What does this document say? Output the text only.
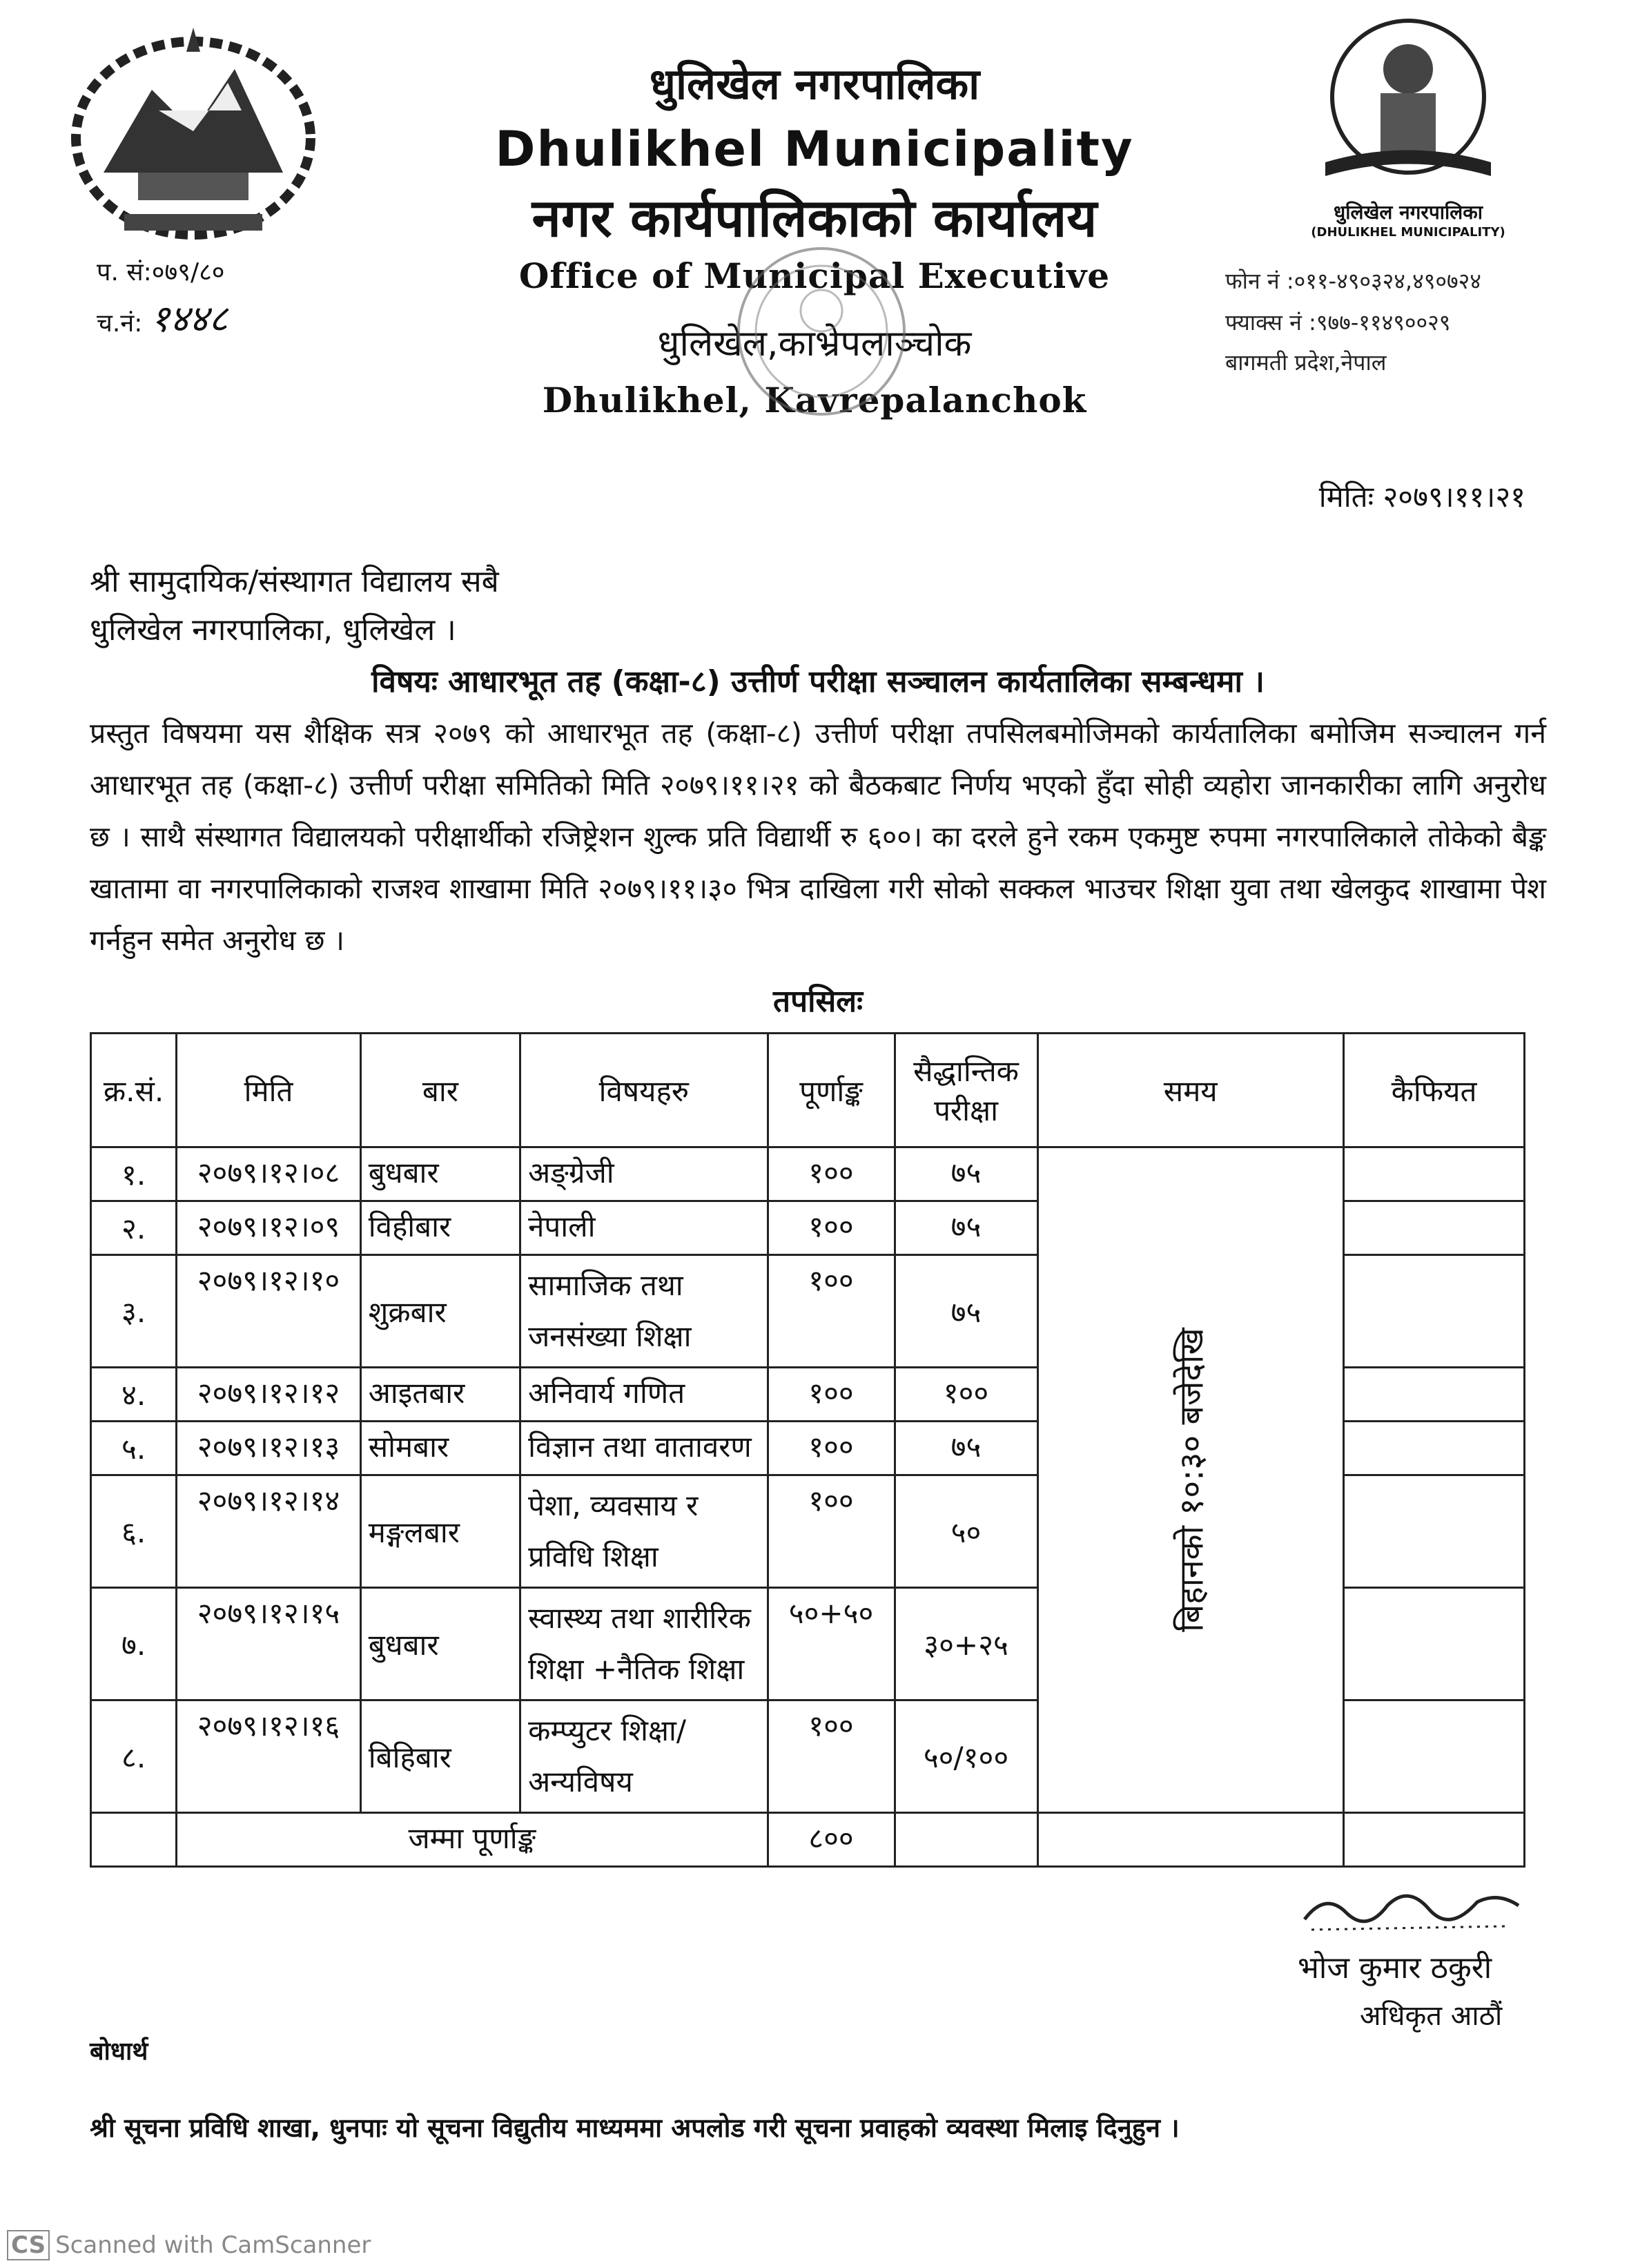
धुलिखेल नगरपालिका
(DHULIKHEL MUNICIPALITY)
धुलिखेल नगरपालिका
Dhulikhel Municipality
नगर कार्यपालिकाको कार्यालय
Office of Municipal Executive
धुलिखेल,काभ्रेपलाञ्चोक
Dhulikhel, Kavrepalanchok
प. सं:०७९/८०
च.नं: १४४८
फोन नं :०११-४९०३२४,४९०७२४
फ्याक्स नं :९७७-११४९००२९
बागमती प्रदेश,नेपाल
मितिः २०७९।११।२१
श्री सामुदायिक/संस्थागत विद्यालय सबै
धुलिखेल नगरपालिका, धुलिखेल ।
विषयः आधारभूत तह (कक्षा-८) उत्तीर्ण परीक्षा सञ्चालन कार्यतालिका सम्बन्धमा ।
प्रस्तुत विषयमा यस शैक्षिक सत्र २०७९ को आधारभूत तह (कक्षा-८) उत्तीर्ण परीक्षा तपसिलबमोजिमको कार्यतालिका बमोजिम सञ्चालन गर्न आधारभूत तह (कक्षा-८) उत्तीर्ण परीक्षा समितिको मिति २०७९।११।२१ को बैठकबाट निर्णय भएको हुँदा सोही व्यहोरा जानकारीका लागि अनुरोध छ । साथै संस्थागत विद्यालयको परीक्षार्थीको रजिष्ट्रेशन शुल्क प्रति विद्यार्थी रु ६००। का दरले हुने रकम एकमुष्ट रुपमा नगरपालिकाले तोकेको बैङ्क खातामा वा नगरपालिकाको राजश्व शाखामा मिति २०७९।११।३० भित्र दाखिला गरी सोको सक्कल भाउचर शिक्षा युवा तथा खेलकुद शाखामा पेश गर्नहुन समेत अनुरोध छ ।
तपसिलः
क्र.सं.	मिति	बार	विषयहरु	पूर्णाङ्क	सैद्धान्तिक परीक्षा	समय	कैफियत
१.	२०७९।१२।०८	बुधबार	अङ्ग्रेजी	१००	७५	बिहानको १०:३० बजेदेखि	
२.	२०७९।१२।०९	विहीबार	नेपाली	१००	७५		
३.	२०७९।१२।१०	शुक्रबार	सामाजिक तथा जनसंख्या शिक्षा	१००	७५		
४.	२०७९।१२।१२	आइतबार	अनिवार्य गणित	१००	१००		
५.	२०७९।१२।१३	सोमबार	विज्ञान तथा वातावरण	१००	७५		
६.	२०७९।१२।१४	मङ्गलबार	पेशा, व्यवसाय र प्रविधि शिक्षा	१००	५०		
७.	२०७९।१२।१५	बुधबार	स्वास्थ्य तथा शारीरिक शिक्षा +नैतिक शिक्षा	५०+५०	३०+२५		
८.	२०७९।१२।१६	बिहिबार	कम्प्युटर शिक्षा/अन्यविषय	१००	५०/१००		
	जम्मा पूर्णाङ्क			८००			
भोज कुमार ठकुरी
अधिकृत आठौं
बोधार्थ
श्री सूचना प्रविधि शाखा, धुनपाः यो सूचना विद्युतीय माध्यममा अपलोड गरी सूचना प्रवाहको व्यवस्था मिलाइ दिनुहुन ।
CS Scanned with CamScanner
